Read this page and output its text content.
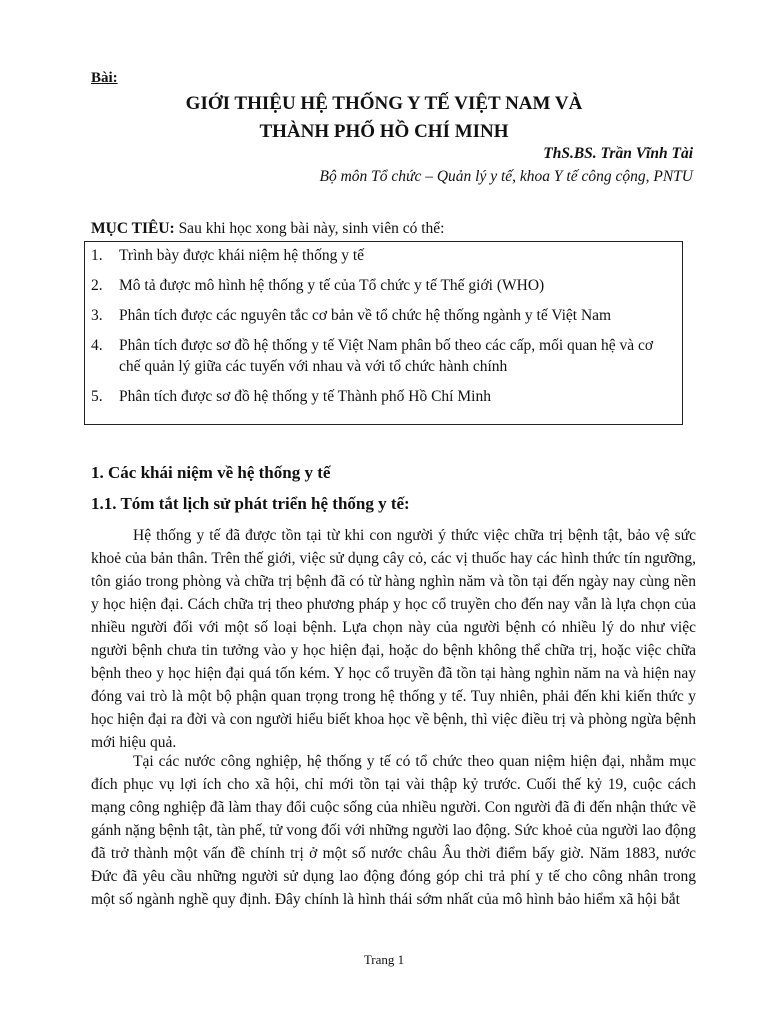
Bài:
GIỚI THIỆU HỆ THỐNG Y TẾ VIỆT NAM VÀ
THÀNH PHỐ HỒ CHÍ MINH
ThS.BS. Trần Vĩnh Tài
Bộ môn Tổ chức – Quản lý y tế, khoa Y tế công cộng, PNTU
MỤC TIÊU: Sau khi học xong bài này, sinh viên có thể:
1.	Trình bày được khái niệm hệ thống y tế
2.	Mô tả được mô hình hệ thống y tế của Tổ chức y tế Thế giới (WHO)
3.	Phân tích được các nguyên tắc cơ bản về tổ chức hệ thống ngành y tế Việt Nam
4.	Phân tích được sơ đồ hệ thống y tế Việt Nam phân bố theo các cấp, mối quan hệ và cơ chế quản lý giữa các tuyến với nhau và với tổ chức hành chính
5.	Phân tích được sơ đồ hệ thống y tế Thành phố Hồ Chí Minh
1. Các khái niệm về hệ thống y tế
1.1. Tóm tắt lịch sử phát triển hệ thống y tế:

Hệ thống y tế đã được tồn tại từ khi con người ý thức việc chữa trị bệnh tật, bảo vệ sức khoẻ của bản thân. Trên thế giới, việc sử dụng cây cỏ, các vị thuốc hay các hình thức tín ngưỡng, tôn giáo trong phòng và chữa trị bệnh đã có từ hàng nghìn năm và tồn tại đến ngày nay cùng nền y học hiện đại. Cách chữa trị theo phương pháp y học cổ truyền cho đến nay vẫn là lựa chọn của nhiều người đối với một số loại bệnh. Lựa chọn này của người bệnh có nhiều lý do như việc người bệnh chưa tin tưởng vào y học hiện đại, hoặc do bệnh không thể chữa trị, hoặc việc chữa bệnh theo y học hiện đại quá tốn kém. Y học cổ truyền đã tồn tại hàng nghìn năm na và hiện nay đóng vai trò là một bộ phận quan trọng trong hệ thống y tế. Tuy nhiên, phải đến khi kiến thức y học hiện đại ra đời và con người hiểu biết khoa học về bệnh, thì việc điều trị và phòng ngừa bệnh mới hiệu quả.

Tại các nước công nghiệp, hệ thống y tế có tổ chức theo quan niệm hiện đại, nhằm mục đích phục vụ lợi ích cho xã hội, chỉ mới tồn tại vài thập kỷ trước. Cuối thế kỷ 19, cuộc cách mạng công nghiệp đã làm thay đổi cuộc sống của nhiều người. Con người đã đi đến nhận thức về gánh nặng bệnh tật, tàn phế, tử vong đối với những người lao động. Sức khoẻ của người lao động đã trở thành một vấn đề chính trị ở một số nước châu Âu thời điểm bấy giờ. Năm 1883, nước Đức đã yêu cầu những người sử dụng lao động đóng góp chi trả phí y tế cho công nhân trong một số ngành nghề quy định. Đây chính là hình thái sớm nhất của mô hình bảo hiểm xã hội bắt

Trang 1
